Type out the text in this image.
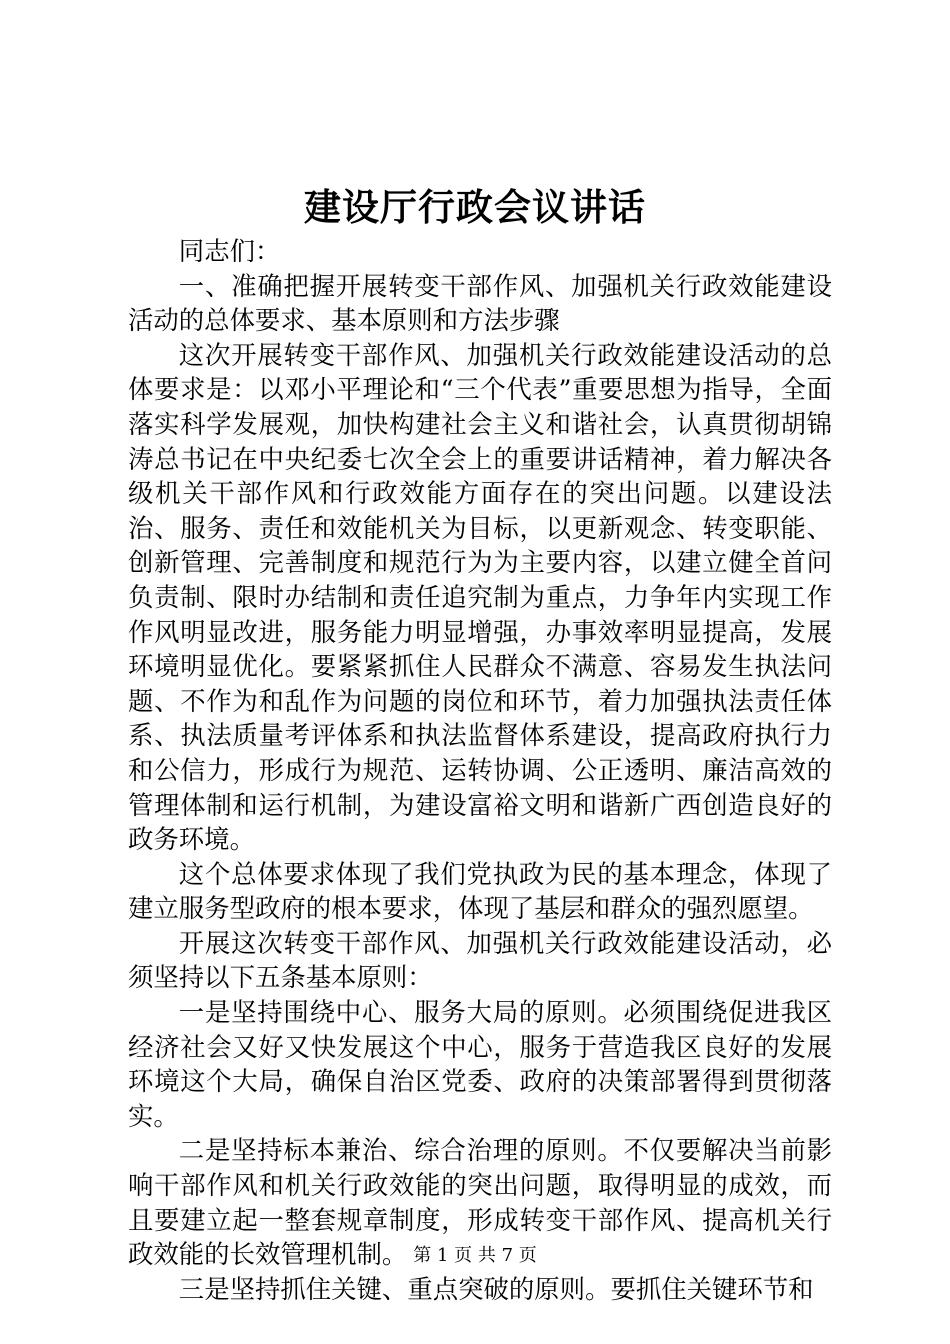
建设厅行政会议讲话

同志们：

一、准确把握开展转变干部作风、加强机关行政效能建设活动的总体要求、基本原则和方法步骤

这次开展转变干部作风、加强机关行政效能建设活动的总体要求是：以邓小平理论和“三个代表”重要思想为指导，全面落实科学发展观，加快构建社会主义和谐社会，认真贯彻胡锦涛总书记在中央纪委七次全会上的重要讲话精神，着力解决各级机关干部作风和行政效能方面存在的突出问题。以建设法治、服务、责任和效能机关为目标，以更新观念、转变职能、创新管理、完善制度和规范行为为主要内容，以建立健全首问负责制、限时办结制和责任追究制为重点，力争年内实现工作作风明显改进，服务能力明显增强，办事效率明显提高，发展环境明显优化。要紧紧抓住人民群众不满意、容易发生执法问题、不作为和乱作为问题的岗位和环节，着力加强执法责任体系、执法质量考评体系和执法监督体系建设，提高政府执行力和公信力，形成行为规范、运转协调、公正透明、廉洁高效的管理体制和运行机制，为建设富裕文明和谐新广西创造良好的政务环境。

这个总体要求体现了我们党执政为民的基本理念，体现了建立服务型政府的根本要求，体现了基层和群众的强烈愿望。

开展这次转变干部作风、加强机关行政效能建设活动，必须坚持以下五条基本原则：

一是坚持围绕中心、服务大局的原则。必须围绕促进我区经济社会又好又快发展这个中心，服务于营造我区良好的发展环境这个大局，确保自治区党委、政府的决策部署得到贯彻落实。

二是坚持标本兼治、综合治理的原则。不仅要解决当前影响干部作风和机关行政效能的突出问题，取得明显的成效，而且要建立起一整套规章制度，形成转变干部作风、提高机关行政效能的长效管理机制。

三是坚持抓住关键、重点突破的原则。要抓住关键环节和

第 1 页 共 7 页
